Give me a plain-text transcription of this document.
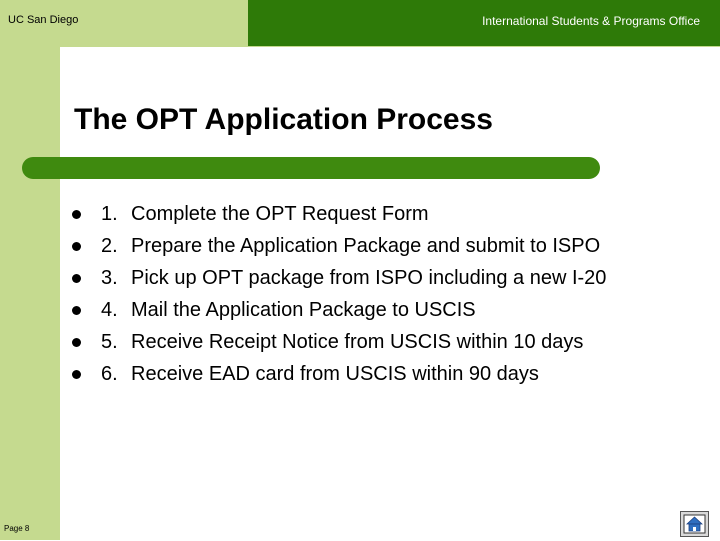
UC San Diego	International Students & Programs Office
The OPT Application Process
1. Complete the OPT Request Form
2. Prepare the Application Package and submit to ISPO
3. Pick up OPT package from ISPO including a new I-20
4. Mail the Application Package to USCIS
5. Receive Receipt Notice from USCIS within 10 days
6. Receive EAD card from USCIS within 90 days
Page 8
